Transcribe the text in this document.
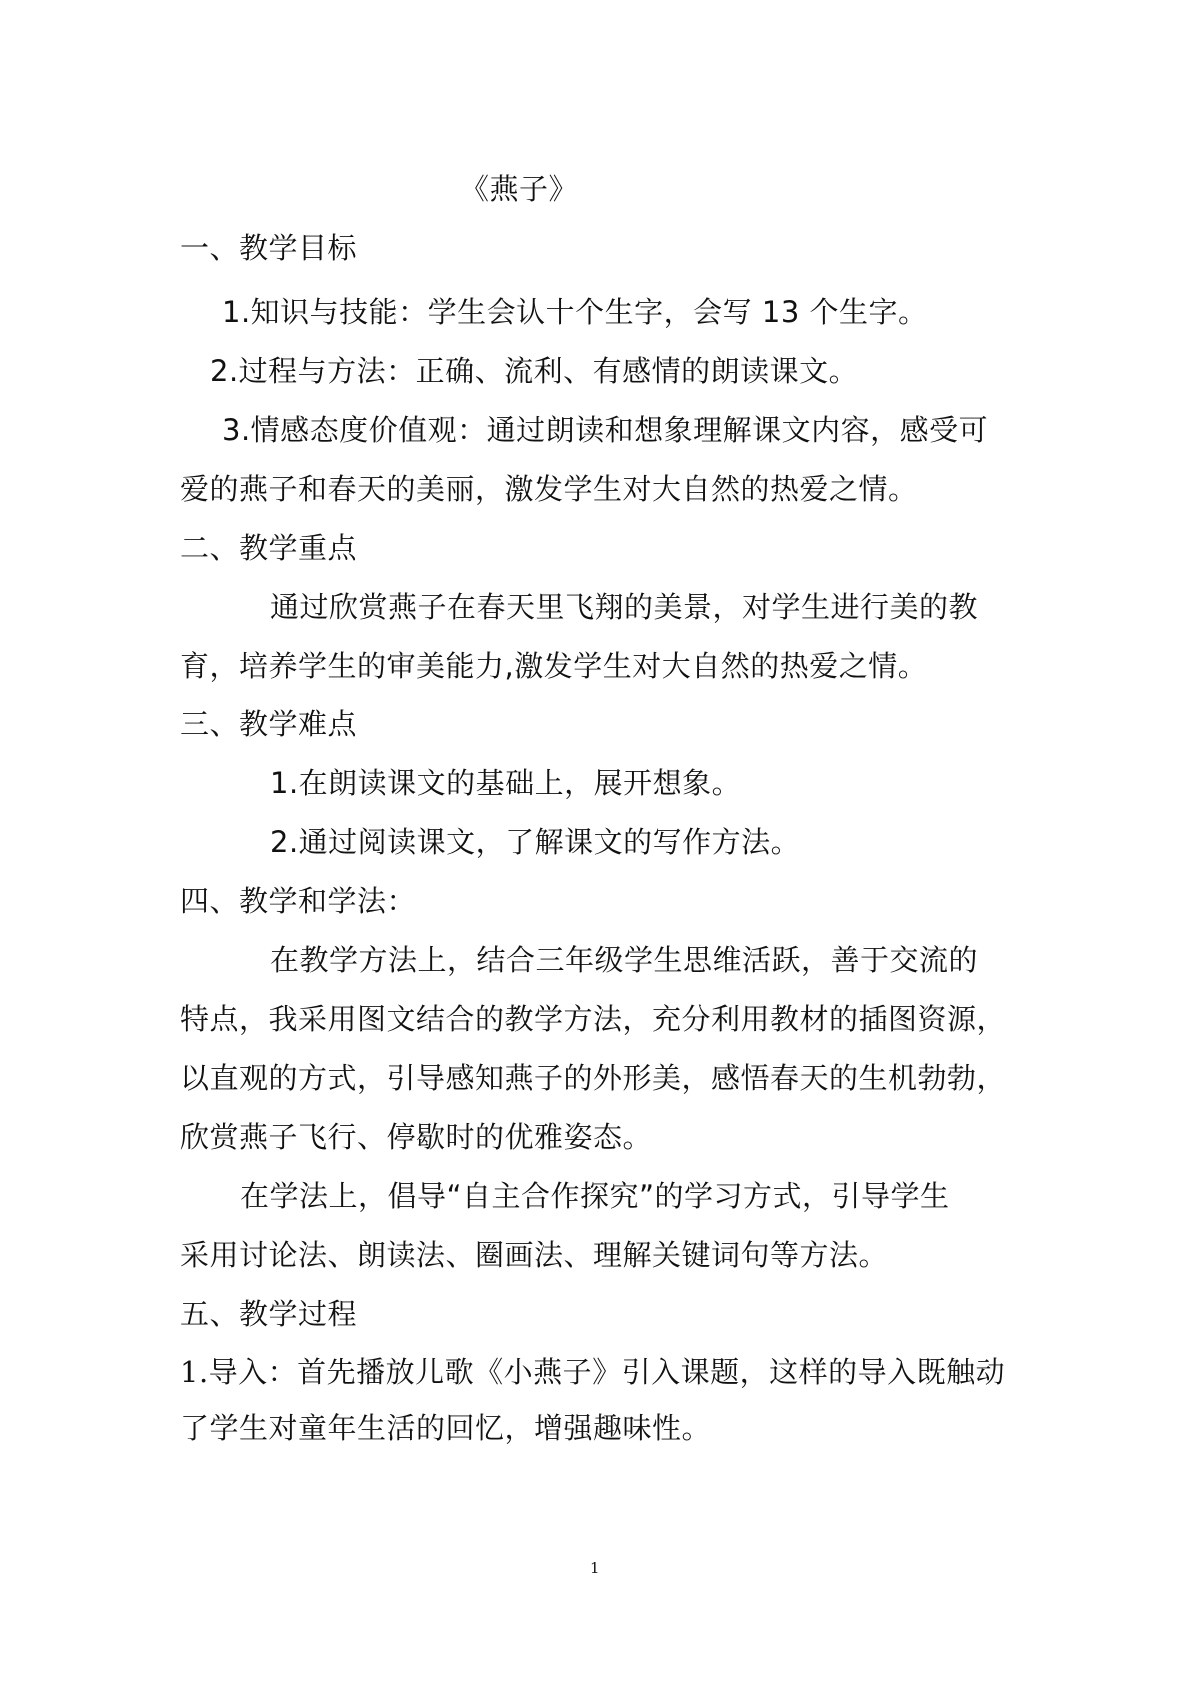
《燕子》
一、教学目标
1.知识与技能：学生会认十个生字，会写 13 个生字。
2.过程与方法：正确、流利、有感情的朗读课文。
3.情感态度价值观：通过朗读和想象理解课文内容，感受可
爱的燕子和春天的美丽，激发学生对大自然的热爱之情。
二、教学重点
通过欣赏燕子在春天里飞翔的美景，对学生进行美的教
育，培养学生的审美能力,激发学生对大自然的热爱之情。
三、教学难点
1.在朗读课文的基础上，展开想象。
2.通过阅读课文，了解课文的写作方法。
四、教学和学法：
在教学方法上，结合三年级学生思维活跃，善于交流的
特点，我采用图文结合的教学方法，充分利用教材的插图资源，
以直观的方式，引导感知燕子的外形美，感悟春天的生机勃勃，
欣赏燕子飞行、停歇时的优雅姿态。
在学法上，倡导“自主合作探究”的学习方式，引导学生
采用讨论法、朗读法、圈画法、理解关键词句等方法。
五、教学过程
1.导入：首先播放儿歌《小燕子》引入课题，这样的导入既触动
了学生对童年生活的回忆，增强趣味性。
1
